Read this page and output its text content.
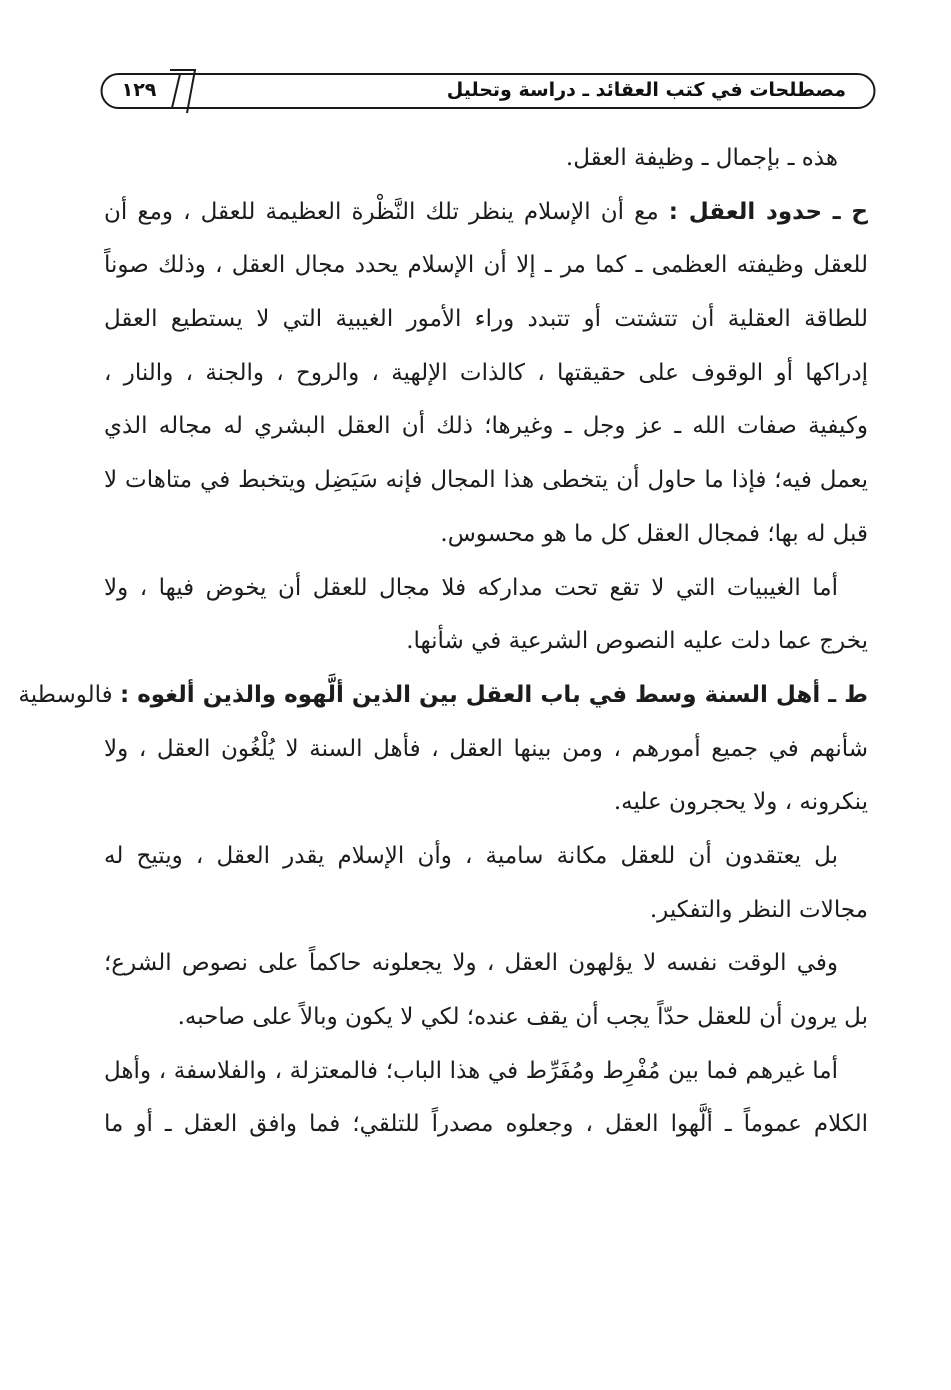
مصطلحات في كتب العقائد ـ دراسة وتحليل
١٢٩
هذه ـ بإجمال ـ وظيفة العقل.
ح ـ حدود العقل : مع أن الإسلام ينظر تلك النَّظْرة العظيمة للعقل ، ومع أن
للعقل وظيفته العظمى ـ كما مر ـ إلا أن الإسلام يحدد مجال العقل ، وذلك صوناً
للطاقة العقلية أن تتشتت أو تتبدد وراء الأمور الغيبية التي لا يستطيع العقل
إدراكها أو الوقوف على حقيقتها ، كالذات الإلهية ، والروح ، والجنة ، والنار ،
وكيفية صفات الله ـ عز وجل ـ وغيرها؛ ذلك أن العقل البشري له مجاله الذي
يعمل فيه؛ فإذا ما حاول أن يتخطى هذا المجال فإنه سَيَضِل ويتخبط في متاهات لا
قبل له بها؛ فمجال العقل كل ما هو محسوس.
أما الغيبيات التي لا تقع تحت مداركه فلا مجال للعقل أن يخوض فيها ، ولا
يخرج عما دلت عليه النصوص الشرعية في شأنها.
ط ـ أهل السنة وسط في باب العقل بين الذين ألَّهوه والذين ألغوه : فالوسطية
شأنهم في جميع أمورهم ، ومن بينها العقل ، فأهل السنة لا يُلْغُون العقل ، ولا
ينكرونه ، ولا يحجرون عليه.
بل يعتقدون أن للعقل مكانة سامية ، وأن الإسلام يقدر العقل ، ويتيح له
مجالات النظر والتفكير.
وفي الوقت نفسه لا يؤلهون العقل ، ولا يجعلونه حاكماً على نصوص الشرع؛
بل يرون أن للعقل حدّاً يجب أن يقف عنده؛ لكي لا يكون وبالاً على صاحبه.
أما غيرهم فما بين مُفْرِط ومُفَرِّط في هذا الباب؛ فالمعتزلة ، والفلاسفة ، وأهل
الكلام عموماً ـ ألَّهوا العقل ، وجعلوه مصدراً للتلقي؛ فما وافق العقل ـ أو ما
